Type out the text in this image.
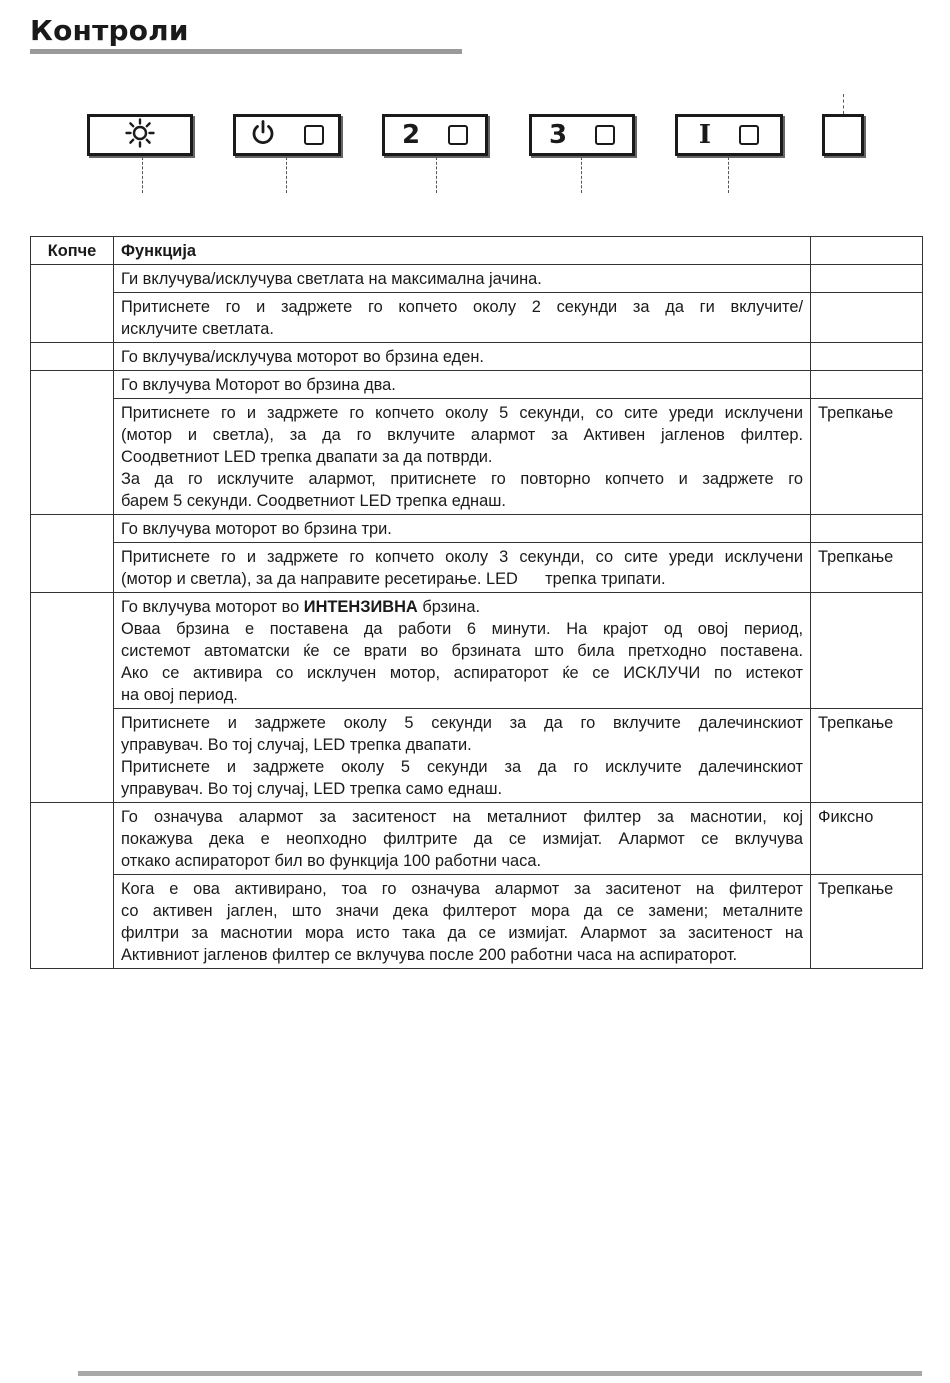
Контроли
2	3	I
Копче	Функција	

	Ги вклучува/исклучува светлата на максимална јачина.	

	Притиснете го и задржете го копчето околу 2 секунди за да ги вклучите/
исклучите светлата.	

	Го вклучува/исклучува моторот во брзина еден.	

	Го вклучува Моторот во брзина два.	

	Притиснете го и задржете го копчето околу 5 секунди, со сите уреди исклучени
(мотор и светла), за да го вклучите алармот за Активен јагленов филтер.
Соодветниот LED трепка двапати за да потврди.
За да го исклучите алармот, притиснете го повторно копчето и задржете го
барем 5 секунди. Соодветниот LED трепка еднаш.	Трепкање

	Го вклучува моторот во брзина три.	

	Притиснете го и задржете го копчето околу 3 секунди, со сите уреди исклучени
(мотор и светла), за да направите ресетирање. LED      трепка трипати.	Трепкање

	Го вклучува моторот во ИНТЕНЗИВНА брзина.
Оваа брзина е поставена да работи 6 минути. На крајот од овој период,
системот автоматски ќе се врати во брзината што била претходно поставена.
Ако се активира со исклучен мотор, аспираторот ќе се ИСКЛУЧИ по истекот
на овој период.	

	Притиснете и задржете околу 5 секунди за да го вклучите далечинскиот
управувач. Во тој случај, LED трепка двапати.
Притиснете и задржете околу 5 секунди за да го исклучите далечинскиот
управувач. Во тој случај, LED трепка само еднаш.	Трепкање

	Го означува алармот за заситеност на металниот филтер за маснотии, кој
покажува дека е неопходно филтрите да се измијат. Алармот се вклучува
откако аспираторот бил во функција 100 работни часа.	Фиксно

	Кога е ова активирано, тоа го означува алармот за заситенот на филтерот
со активен јаглен, што значи дека филтерот мора да се замени; металните
филтри за маснотии мора исто така да се измијат. Алармот за заситеност на
Активниот јагленов филтер се вклучува после 200 работни часа на аспираторот.	Трепкање
